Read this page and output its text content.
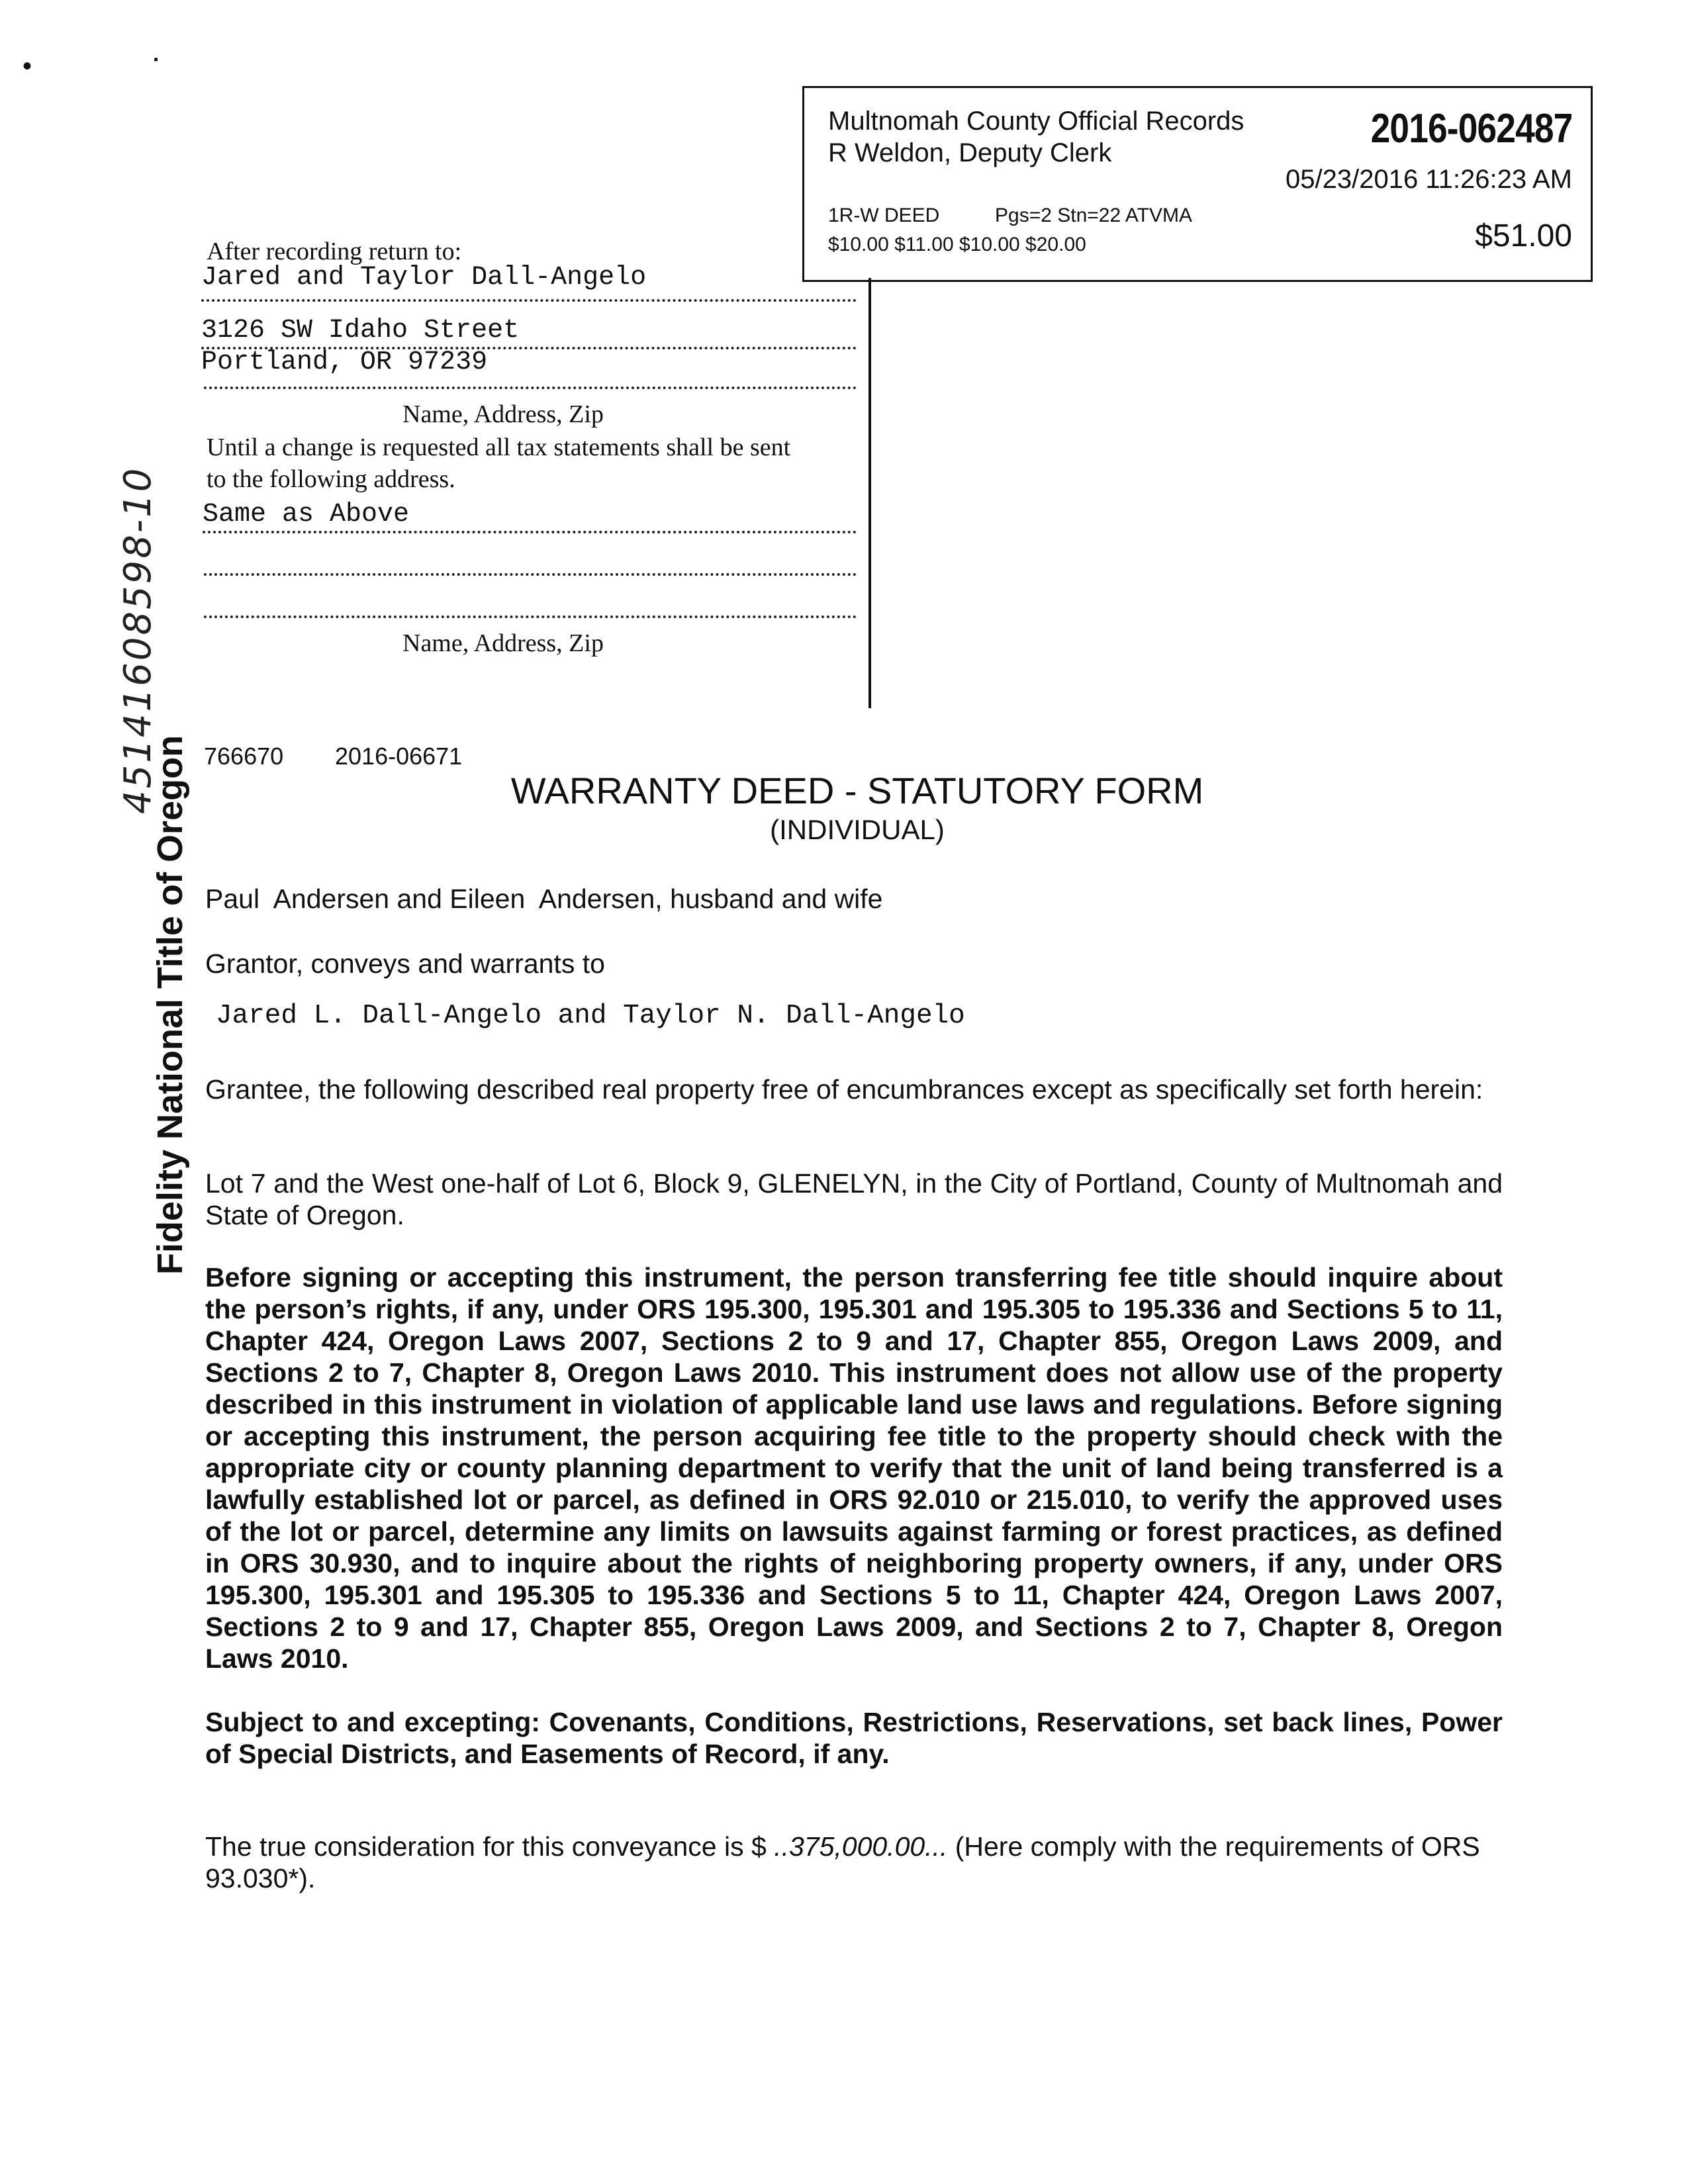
•	▪
Multnomah County Official Records
R Weldon, Deputy Clerk
2016-062487
05/23/2016 11:26:23 AM
1R-W DEED	Pgs=2 Stn=22 ATVMA
$10.00 $11.00 $10.00 $20.00	$51.00
After recording return to:
Jared and Taylor Dall-Angelo
3126 SW Idaho Street
Portland, OR 97239
Name, Address, Zip
Until a change is requested all tax statements shall be sent
to the following address.
Same as Above
Name, Address, Zip
Fidelity National Title of Oregon
45141608598-10 766670 2016-06671
WARRANTY DEED - STATUTORY FORM
(INDIVIDUAL)
Paul  Andersen and Eileen  Andersen, husband and wife
Grantor, conveys and warrants to
Jared L. Dall-Angelo and Taylor N. Dall-Angelo
Grantee, the following described real property free of encumbrances except as specifically set forth herein:
Lot 7 and the West one-half of Lot 6, Block 9, GLENELYN, in the City of Portland, County of Multnomah and State of Oregon.
Before signing or accepting this instrument, the person transferring fee title should inquire about the person’s rights, if any, under ORS 195.300, 195.301 and 195.305 to 195.336 and Sections 5 to 11, Chapter 424, Oregon Laws 2007, Sections 2 to 9 and 17, Chapter 855, Oregon Laws 2009, and Sections 2 to 7, Chapter 8, Oregon Laws 2010. This instrument does not allow use of the property described in this instrument in violation of applicable land use laws and regulations. Before signing or accepting this instrument, the person acquiring fee title to the property should check with the appropriate city or county planning department to verify that the unit of land being transferred is a lawfully established lot or parcel, as defined in ORS 92.010 or 215.010, to verify the approved uses of the lot or parcel, determine any limits on lawsuits against farming or forest practices, as defined in ORS 30.930, and to inquire about the rights of neighboring property owners, if any, under ORS 195.300, 195.301 and 195.305 to 195.336 and Sections 5 to 11, Chapter 424, Oregon Laws 2007, Sections 2 to 9 and 17, Chapter 855, Oregon Laws 2009, and Sections 2 to 7, Chapter 8, Oregon Laws 2010.
Subject to and excepting: Covenants, Conditions, Restrictions, Reservations, set back lines, Power of Special Districts, and Easements of Record, if any.
The true consideration for this conveyance is $ ..375,000.00... (Here comply with the requirements of ORS 93.030*).
